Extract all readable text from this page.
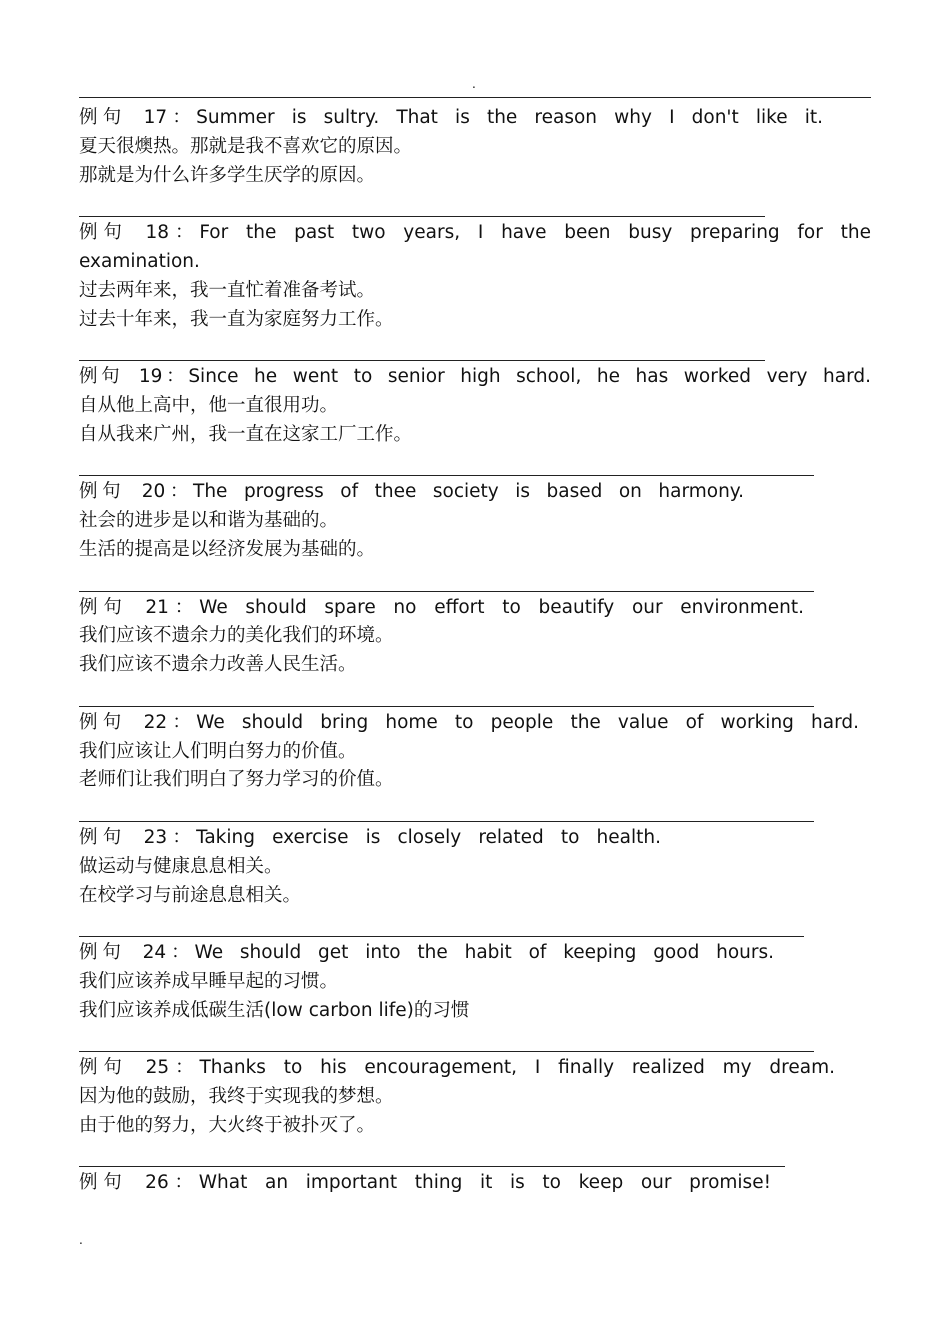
.
例句 17：Summer is sultry. That is the reason why I don't like it.
夏天很燠热。那就是我不喜欢它的原因。
那就是为什么许多学生厌学的原因。
例句 18：For the past two years, I have been busy preparing for the examination.
过去两年来，我一直忙着准备考试。
过去十年来，我一直为家庭努力工作。
例句 19：Since he went to senior high school, he has worked very hard.
自从他上高中，他一直很用功。
自从我来广州，我一直在这家工厂工作。
例句 20：The progress of thee society is based on harmony.
社会的进步是以和谐为基础的。
生活的提高是以经济发展为基础的。
例句 21：We should spare no effort to beautify our environment.
我们应该不遗余力的美化我们的环境。
我们应该不遗余力改善人民生活。
例句 22：We should bring home to people the value of working hard.
我们应该让人们明白努力的价值。
老师们让我们明白了努力学习的价值。
例句 23：Taking exercise is closely related to health.
做运动与健康息息相关。
在校学习与前途息息相关。
例句 24：We should get into the habit of keeping good hours.
我们应该养成早睡早起的习惯。
我们应该养成低碳生活(low carbon life)的习惯
例句 25：Thanks to his encouragement, I finally realized my dream.
因为他的鼓励，我终于实现我的梦想。
由于他的努力，大火终于被扑灭了。
例句 26：What an important thing it is to keep our promise!
.
